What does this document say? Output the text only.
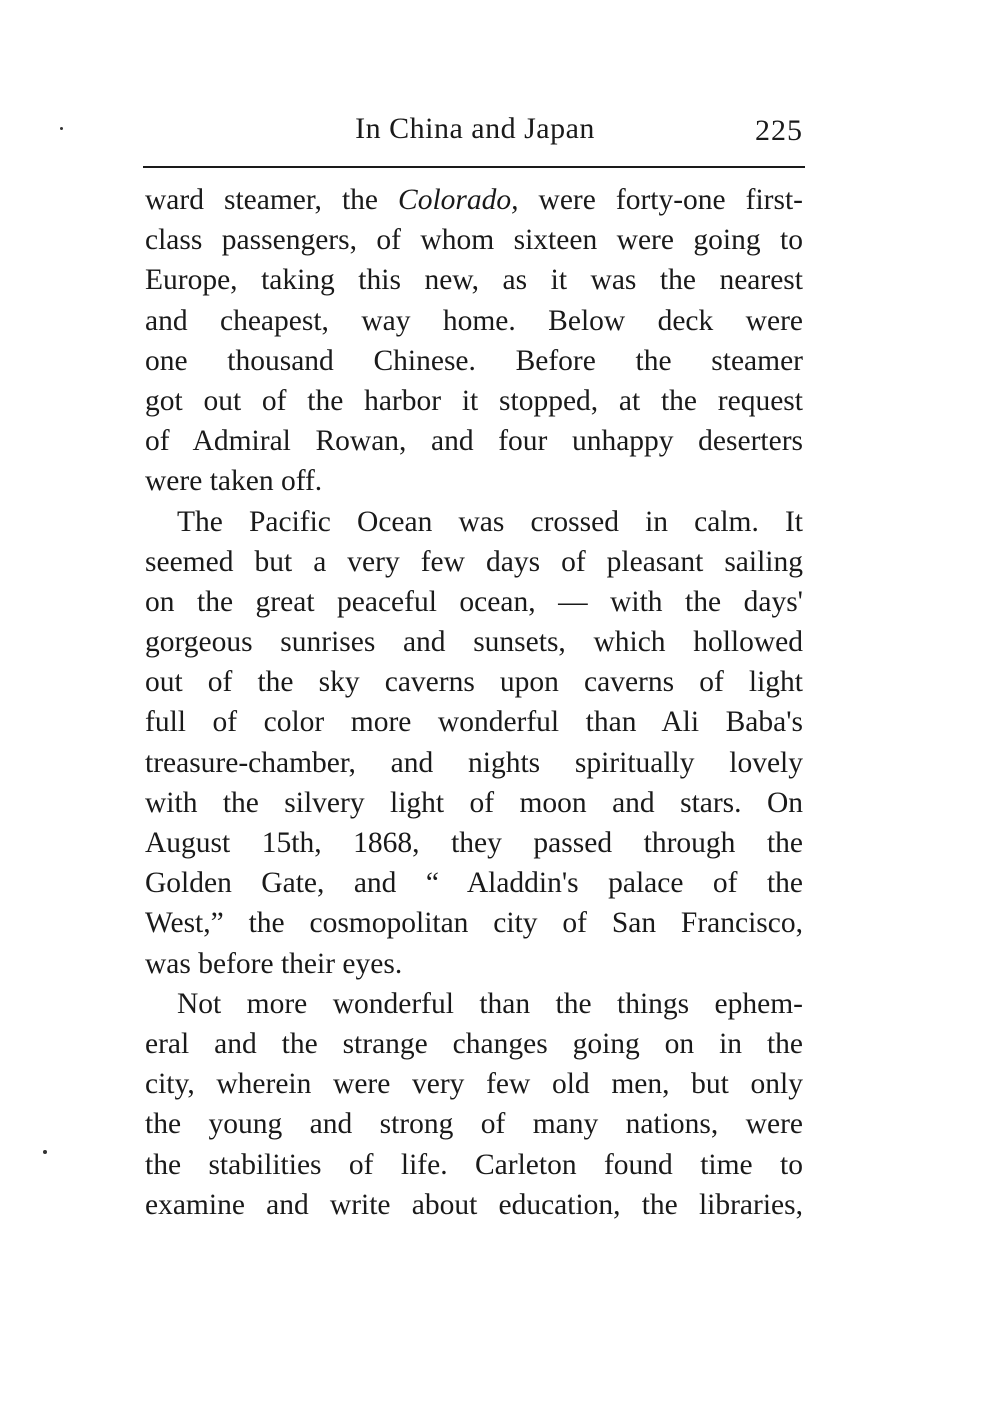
In China and Japan	225
ward steamer, the Colorado, were forty-one first-
class passengers, of whom sixteen were going to
Europe, taking this new, as it was the nearest
and cheapest, way home. Below deck were
one thousand Chinese. Before the steamer
got out of the harbor it stopped, at the request
of Admiral Rowan, and four unhappy deserters
were taken off.
The Pacific Ocean was crossed in calm. It
seemed but a very few days of pleasant sailing
on the great peaceful ocean, — with the days'
gorgeous sunrises and sunsets, which hollowed
out of the sky caverns upon caverns of light
full of color more wonderful than Ali Baba's
treasure-chamber, and nights spiritually lovely
with the silvery light of moon and stars. On
August 15th, 1868, they passed through the
Golden Gate, and “ Aladdin's palace of the
West,” the cosmopolitan city of San Francisco,
was before their eyes.
Not more wonderful than the things ephem-
eral and the strange changes going on in the
city, wherein were very few old men, but only
the young and strong of many nations, were
the stabilities of life. Carleton found time to
examine and write about education, the libraries,
